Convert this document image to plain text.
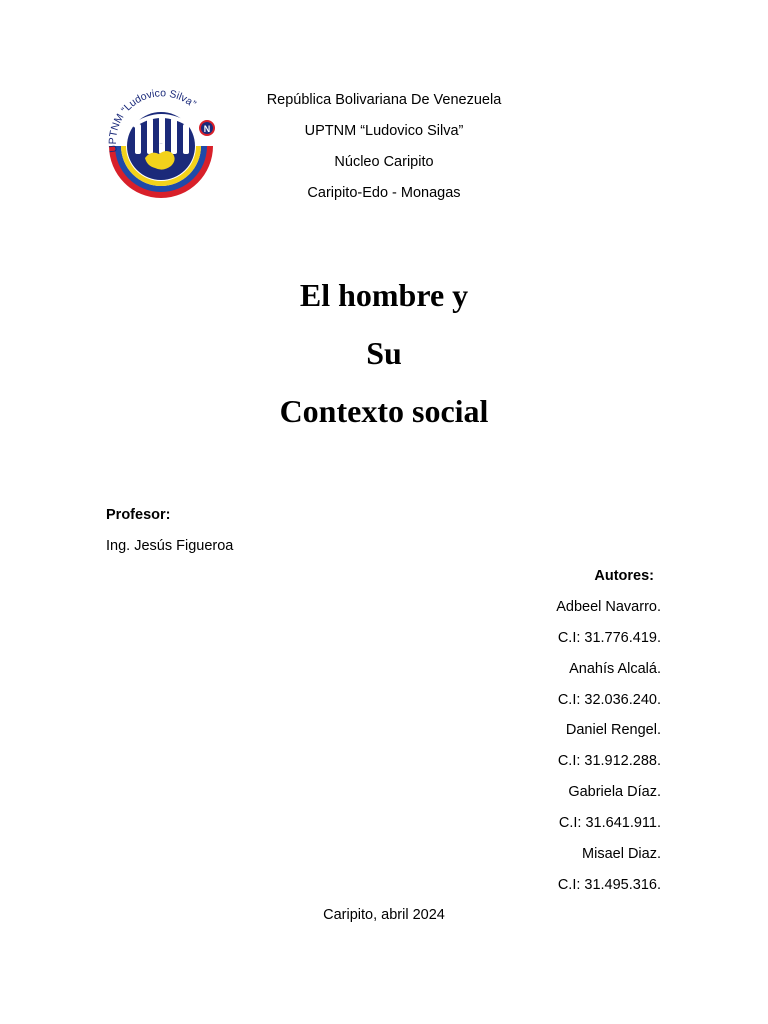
UPTNM “Ludovico Silva”
N
PTTS
República Bolivariana De Venezuela
UPTNM “Ludovico Silva”
Núcleo Caripito
Caripito-Edo - Monagas
El hombre y
Su
Contexto social
Profesor:
Ing. Jesús Figueroa
Autores:
Adbeel Navarro.
C.I: 31.776.419.
Anahís Alcalá.
C.I: 32.036.240.
Daniel Rengel.
C.I: 31.912.288.
Gabriela Díaz.
C.I: 31.641.911.
Misael Diaz.
C.I: 31.495.316.
Caripito, abril 2024
